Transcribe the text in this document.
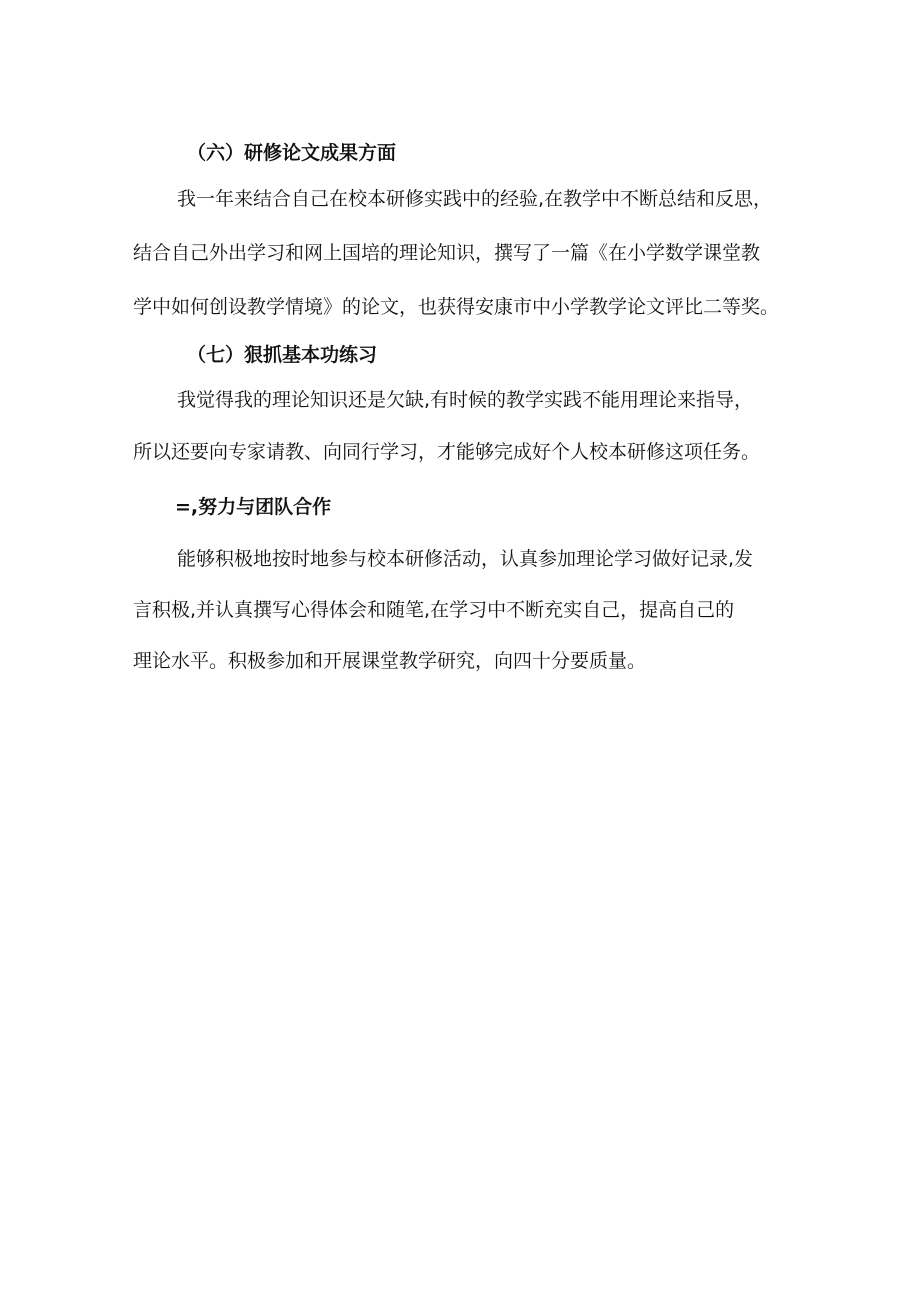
（六）研修论文成果方面
我一年来结合自己在校本研修实践中的经验,在教学中不断总结和反思，
结合自己外出学习和网上国培的理论知识，撰写了一篇《在小学数学课堂教
学中如何创设教学情境》的论文，也获得安康市中小学教学论文评比二等奖。
（七）狠抓基本功练习
我觉得我的理论知识还是欠缺,有时候的教学实践不能用理论来指导，
所以还要向专家请教、向同行学习，才能够完成好个人校本研修这项任务。
=,努力与团队合作
能够积极地按时地参与校本研修活动，认真参加理论学习做好记录,发
言积极,并认真撰写心得体会和随笔,在学习中不断充实自己，提高自己的
理论水平。积极参加和开展课堂教学研究，向四十分要质量。
